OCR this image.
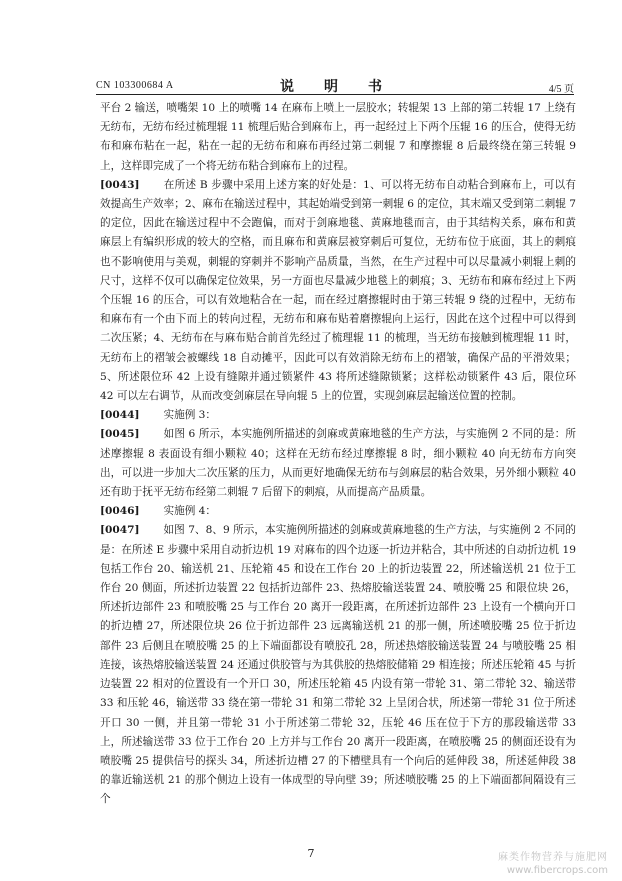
CN 103300684 A	说　明　书	4/5 页

平台 2 输送，喷嘴架 10 上的喷嘴 14 在麻布上喷上一层胶水；转辊架 13 上部的第二转辊 17 上绕有无纺布，无纺布经过梳理辊 11 梳理后贴合到麻布上，再一起经过上下两个压辊 16 的压合，使得无纺布和麻布粘在一起，粘在一起的无纺布和麻布再经过第二刺辊 7 和摩擦辊 8 后最终绕在第三转辊 9 上，这样即完成了一个将无纺布粘合到麻布上的过程。

[0043] 在所述 B 步骤中采用上述方案的好处是：1、可以将无纺布自动粘合到麻布上，可以有效提高生产效率；2、麻布在输送过程中，其起始端受到第一刺辊 6 的定位，其末端又受到第二刺辊 7 的定位，因此在输送过程中不会跑偏，而对于剑麻地毯、黄麻地毯而言，由于其结构关系，麻布和黄麻层上有编织形成的较大的空格，而且麻布和黄麻层被穿刺后可复位，无纺布位于底面，其上的刺痕也不影响使用与美观，刺辊的穿刺并不影响产品质量，当然，在生产过程中可以尽量减小刺辊上刺的尺寸，这样不仅可以确保定位效果，另一方面也尽量减少地毯上的刺痕；3、无纺布和麻布经过上下两个压辊 16 的压合，可以有效地粘合在一起，而在经过磨擦辊时由于第三转辊 9 绕的过程中，无纺布和麻布有一个由下而上的转向过程，无纺布和麻布贴着磨擦辊向上运行，因此在这个过程中可以得到二次压紧；4、无纺布在与麻布贴合前首先经过了梳理辊 11 的梳理，当无纺布接触到梳理辊 11 时，无纺布上的褶皱会被螺线 18 自动摊平，因此可以有效消除无纺布上的褶皱，确保产品的平滑效果；5、所述限位环 42 上设有缝隙并通过锁紧件 43 将所述缝隙锁紧；这样松动锁紧件 43 后，限位环 42 可以左右调节，从而改变剑麻层在导向辊 5 上的位置，实现剑麻层起输送位置的控制。

[0044] 实施例 3：

[0045] 如图 6 所示，本实施例所描述的剑麻或黄麻地毯的生产方法，与实施例 2 不同的是：所述摩擦辊 8 表面设有细小颗粒 40；这样在无纺布经过摩擦辊 8 时，细小颗粒 40 向无纺布方向突出，可以进一步加大二次压紧的压力，从而更好地确保无纺布与剑麻层的粘合效果，另外细小颗粒 40 还有助于抚平无纺布经第二刺辊 7 后留下的刺痕，从而提高产品质量。

[0046] 实施例 4：

[0047] 如图 7、8、9 所示，本实施例所描述的剑麻或黄麻地毯的生产方法，与实施例 2 不同的是：在所述 E 步骤中采用自动折边机 19 对麻布的四个边逐一折边并粘合，其中所述的自动折边机 19 包括工作台 20、输送机 21、压轮箱 45 和设在工作台 20 上的折边装置 22，所述输送机 21 位于工作台 20 侧面，所述折边装置 22 包括折边部件 23、热熔胶输送装置 24、喷胶嘴 25 和限位块 26，所述折边部件 23 和喷胶嘴 25 与工作台 20 离开一段距离，在所述折边部件 23 上设有一个横向开口的折边槽 27，所述限位块 26 位于折边部件 23 远离输送机 21 的那一侧，所述喷胶嘴 25 位于折边部件 23 后侧且在喷胶嘴 25 的上下端面都设有喷胶孔 28，所述热熔胶输送装置 24 与喷胶嘴 25 相连接，该热熔胶输送装置 24 还通过供胶管与为其供胶的热熔胶储箱 29 相连接；所述压轮箱 45 与折边装置 22 相对的位置设有一个开口 30，所述压轮箱 45 内设有第一带轮 31、第二带轮 32、输送带 33 和压轮 46，输送带 33 绕在第一带轮 31 和第二带轮 32 上呈闭合状，所述第一带轮 31 位于所述开口 30 一侧，并且第一带轮 31 小于所述第二带轮 32，压轮 46 压在位于下方的那段输送带 33 上，所述输送带 33 位于工作台 20 上方并与工作台 20 离开一段距离，在喷胶嘴 25 的侧面还设有为喷胶嘴 25 提供信号的探头 34，所述折边槽 27 的下槽壁具有一个向后的延伸段 38，所述延伸段 38 的靠近输送机 21 的那个侧边上设有一体成型的导向壁 39；所述喷胶嘴 25 的上下端面都间隔设有三个

7	麻类作物营养与施肥网
www.fibercrops.com
